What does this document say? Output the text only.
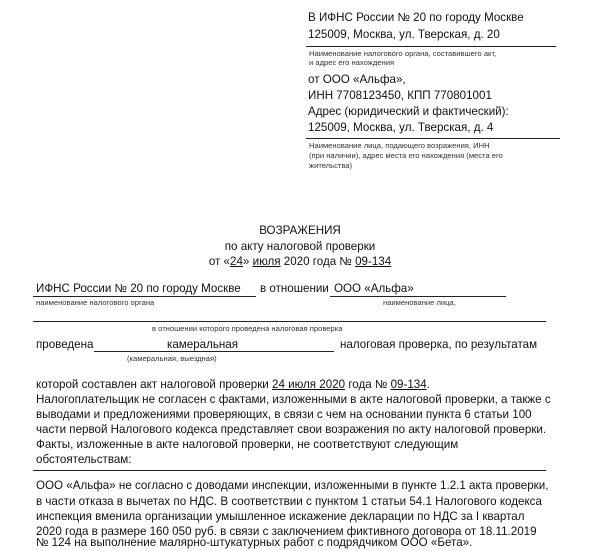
В ИФНС России № 20 по городу Москве
125009, Москва, ул. Тверская, д. 20
Наименование налогового органа, составившего акт,
и адрес его нахождения
от ООО «Альфа»,
ИНН 7708123450, КПП 770801001
Адрес (юридический и фактический):
125009, Москва, ул. Тверская, д. 4
Наименование лица, подающего возражения, ИНН
(при наличии), адрес места его нахождения (места его
жительства)
ВОЗРАЖЕНИЯ
по акту налоговой проверки
от «24» июля 2020 года № 09-134
ИФНС России № 20 по городу Москве в отношении ООО «Альфа»
наименование налогового органа	наименование лица,
в отношении которого проведена налоговая проверка
проведена	камеральная	налоговая проверка, по результатам
(камеральная, выездная)
которой составлен акт налоговой проверки 24 июля 2020 года № 09-134.
Налогоплательщик не согласен с фактами, изложенными в акте налоговой проверки, а также с
выводами и предложениями проверяющих, в связи с чем на основании пункта 6 статьи 100
части первой Налогового кодекса представляет свои возражения по акту налоговой проверки.
Факты, изложенные в акте налоговой проверки, не соответствуют следующим
обстоятельствам:
ООО «Альфа» не согласно с доводами инспекции, изложенными в пункте 1.2.1 акта проверки,
в части отказа в вычетах по НДС. В соответствии с пунктом 1 статьи 54.1 Налогового кодекса
инспекция вменила организации умышленное искажение декларации по НДС за I квартал
2020 года в размере 160 050 руб. в связи с заключением фиктивного договора от 18.11.2019
№ 124 на выполнение малярно-штукатурных работ с подрядчиком ООО «Бета».
